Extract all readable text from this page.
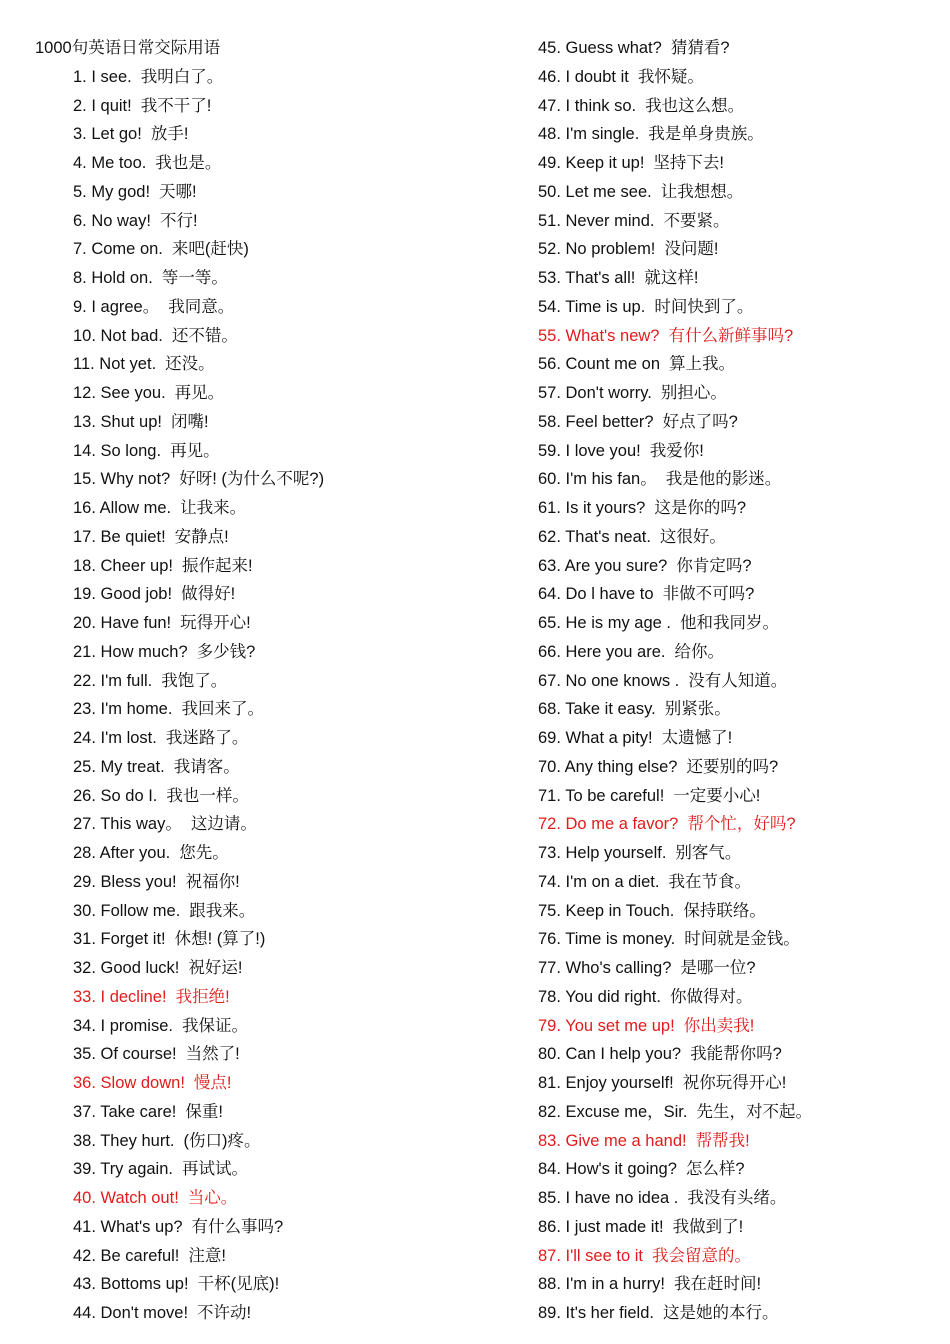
1000句英语日常交际用语
1. I see. 我明白了。
2. I quit! 我不干了!
3. Let go! 放手!
4. Me too. 我也是。
5. My god! 天哪!
6. No way! 不行!
7. Come on. 来吧(赶快)
8. Hold on. 等一等。
9. I agree。 我同意。
10. Not bad. 还不错。
11. Not yet. 还没。
12. See you. 再见。
13. Shut up! 闭嘴!
14. So long. 再见。
15. Why not? 好呀! (为什么不呢?)
16. Allow me. 让我来。
17. Be quiet! 安静点!
18. Cheer up! 振作起来!
19. Good job! 做得好!
20. Have fun! 玩得开心!
21. How much? 多少钱?
22. I'm full. 我饱了。
23. I'm home. 我回来了。
24. I'm lost. 我迷路了。
25. My treat. 我请客。
26. So do I. 我也一样。
27. This way。 这边请。
28. After you. 您先。
29. Bless you! 祝福你!
30. Follow me. 跟我来。
31. Forget it! 休想! (算了!)
32. Good luck! 祝好运!
33. I decline! 我拒绝!
34. I promise. 我保证。
35. Of course! 当然了!
36. Slow down! 慢点!
37. Take care! 保重!
38. They hurt. (伤口)疼。
39. Try again. 再试试。
40. Watch out! 当心。
41. What's up? 有什么事吗?
42. Be careful! 注意!
43. Bottoms up! 干杯(见底)!
44. Don't move! 不许动!
45. Guess what? 猜猜看?
46. I doubt it 我怀疑。
47. I think so. 我也这么想。
48. I'm single. 我是单身贵族。
49. Keep it up! 坚持下去!
50. Let me see. 让我想想。
51. Never mind. 不要紧。
52. No problem! 没问题!
53. That's all! 就这样!
54. Time is up. 时间快到了。
55. What's new? 有什么新鲜事吗?
56. Count me on 算上我。
57. Don't worry. 别担心。
58. Feel better? 好点了吗?
59. I love you! 我爱你!
60. I'm his fan。 我是他的影迷。
61. Is it yours? 这是你的吗?
62. That's neat. 这很好。
63. Are you sure? 你肯定吗?
64. Do l have to 非做不可吗?
65. He is my age . 他和我同岁。
66. Here you are. 给你。
67. No one knows . 没有人知道。
68. Take it easy. 别紧张。
69. What a pity! 太遗憾了!
70. Any thing else? 还要别的吗?
71. To be careful! 一定要小心!
72. Do me a favor? 帮个忙，好吗?
73. Help yourself. 别客气。
74. I'm on a diet. 我在节食。
75. Keep in Touch. 保持联络。
76. Time is money. 时间就是金钱。
77. Who's calling? 是哪一位?
78. You did right. 你做得对。
79. You set me up! 你出卖我!
80. Can I help you? 我能帮你吗?
81. Enjoy yourself! 祝你玩得开心!
82. Excuse me，Sir. 先生，对不起。
83. Give me a hand! 帮帮我!
84. How's it going? 怎么样?
85. I have no idea . 我没有头绪。
86. I just made it! 我做到了!
87. I'll see to it 我会留意的。
88. I'm in a hurry! 我在赶时间!
89. It's her field. 这是她的本行。
